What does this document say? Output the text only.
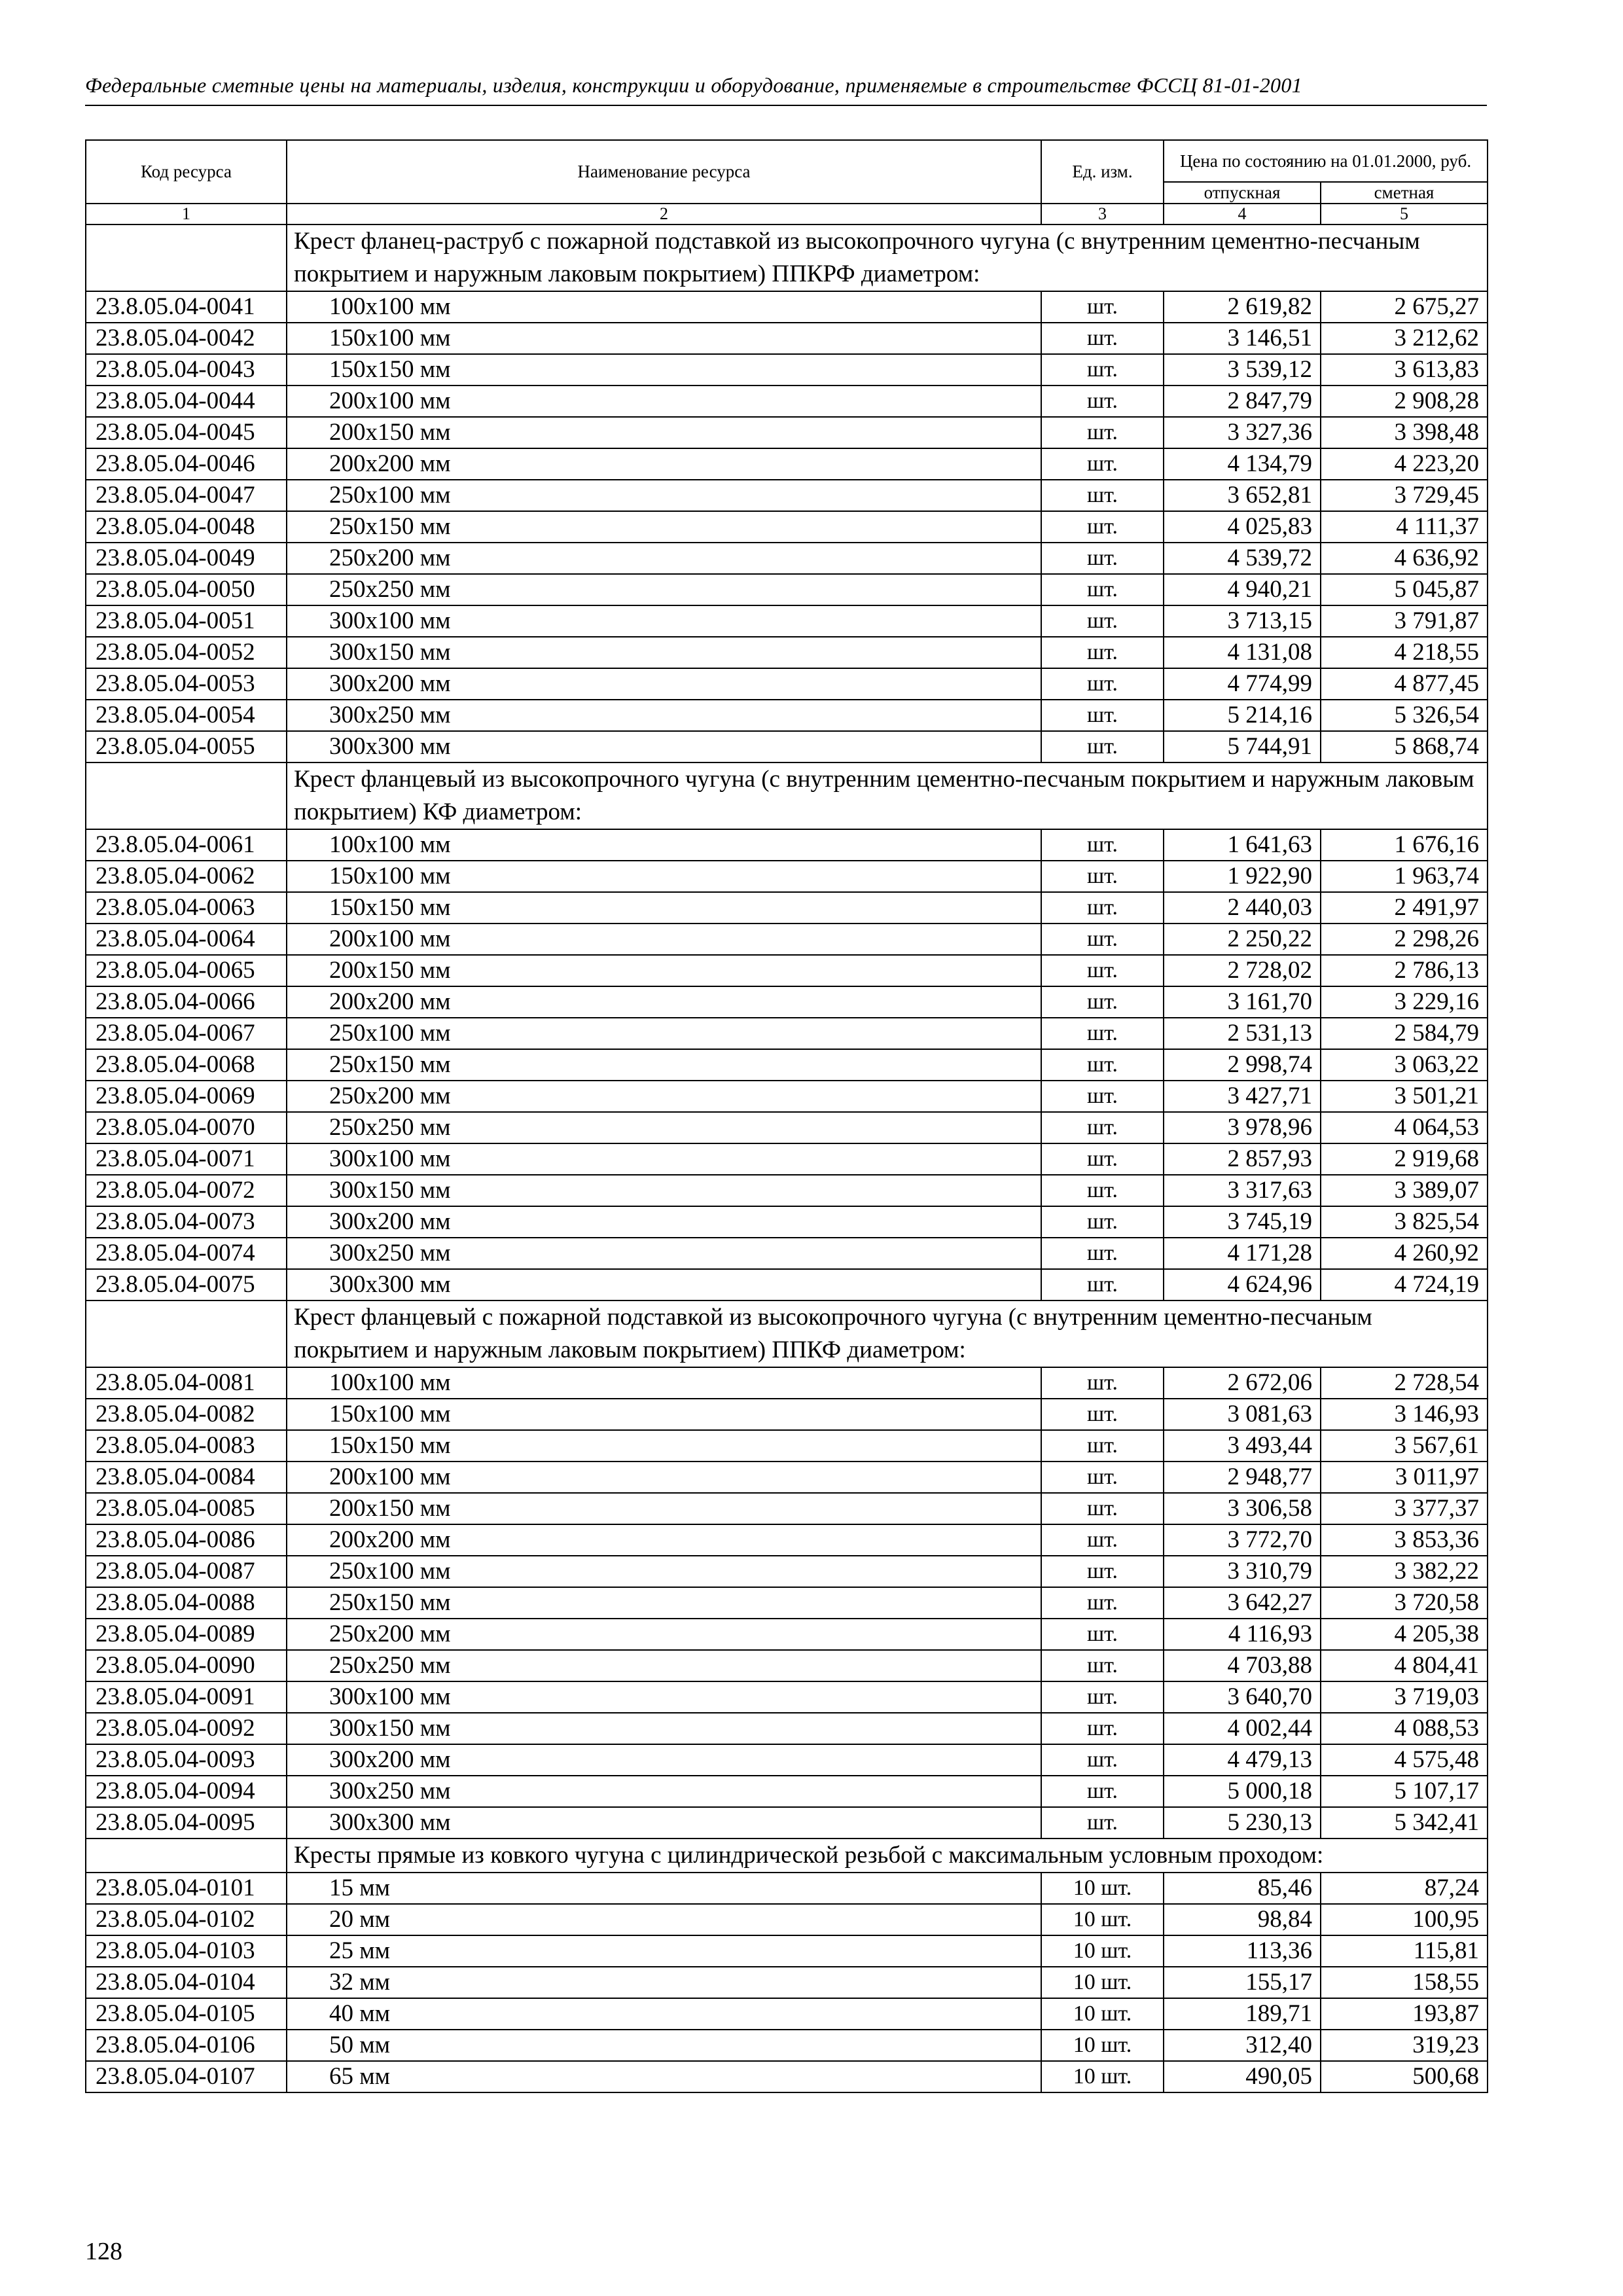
Федеральные сметные цены на материалы, изделия, конструкции и оборудование, применяемые в строительстве ФССЦ 81-01-2001
Код ресурса	Наименование ресурса	Ед. изм.	Цена по состоянию на 01.01.2000, руб.	
			отпускная	сметная
1	2	3	4	5
	Крест фланец-раструб с пожарной подставкой из высокопрочного чугуна (с внутренним цементно-песчаным покрытием и наружным лаковым покрытием) ППКРФ диаметром:			
23.8.05.04-0041	100x100 мм	шт.	2 619,82	2 675,27
23.8.05.04-0042	150x100 мм	шт.	3 146,51	3 212,62
23.8.05.04-0043	150x150 мм	шт.	3 539,12	3 613,83
23.8.05.04-0044	200x100 мм	шт.	2 847,79	2 908,28
23.8.05.04-0045	200x150 мм	шт.	3 327,36	3 398,48
23.8.05.04-0046	200x200 мм	шт.	4 134,79	4 223,20
23.8.05.04-0047	250x100 мм	шт.	3 652,81	3 729,45
23.8.05.04-0048	250x150 мм	шт.	4 025,83	4 111,37
23.8.05.04-0049	250x200 мм	шт.	4 539,72	4 636,92
23.8.05.04-0050	250x250 мм	шт.	4 940,21	5 045,87
23.8.05.04-0051	300x100 мм	шт.	3 713,15	3 791,87
23.8.05.04-0052	300x150 мм	шт.	4 131,08	4 218,55
23.8.05.04-0053	300x200 мм	шт.	4 774,99	4 877,45
23.8.05.04-0054	300x250 мм	шт.	5 214,16	5 326,54
23.8.05.04-0055	300x300 мм	шт.	5 744,91	5 868,74
	Крест фланцевый из высокопрочного чугуна (с внутренним цементно-песчаным покрытием и наружным лаковым покрытием) КФ диаметром:			
23.8.05.04-0061	100x100 мм	шт.	1 641,63	1 676,16
23.8.05.04-0062	150x100 мм	шт.	1 922,90	1 963,74
23.8.05.04-0063	150x150 мм	шт.	2 440,03	2 491,97
23.8.05.04-0064	200x100 мм	шт.	2 250,22	2 298,26
23.8.05.04-0065	200x150 мм	шт.	2 728,02	2 786,13
23.8.05.04-0066	200x200 мм	шт.	3 161,70	3 229,16
23.8.05.04-0067	250x100 мм	шт.	2 531,13	2 584,79
23.8.05.04-0068	250x150 мм	шт.	2 998,74	3 063,22
23.8.05.04-0069	250x200 мм	шт.	3 427,71	3 501,21
23.8.05.04-0070	250x250 мм	шт.	3 978,96	4 064,53
23.8.05.04-0071	300x100 мм	шт.	2 857,93	2 919,68
23.8.05.04-0072	300x150 мм	шт.	3 317,63	3 389,07
23.8.05.04-0073	300x200 мм	шт.	3 745,19	3 825,54
23.8.05.04-0074	300x250 мм	шт.	4 171,28	4 260,92
23.8.05.04-0075	300x300 мм	шт.	4 624,96	4 724,19
	Крест фланцевый с пожарной подставкой из высокопрочного чугуна (с внутренним цементно-песчаным покрытием и наружным лаковым покрытием) ППКФ диаметром:			
23.8.05.04-0081	100x100 мм	шт.	2 672,06	2 728,54
23.8.05.04-0082	150x100 мм	шт.	3 081,63	3 146,93
23.8.05.04-0083	150x150 мм	шт.	3 493,44	3 567,61
23.8.05.04-0084	200x100 мм	шт.	2 948,77	3 011,97
23.8.05.04-0085	200x150 мм	шт.	3 306,58	3 377,37
23.8.05.04-0086	200x200 мм	шт.	3 772,70	3 853,36
23.8.05.04-0087	250x100 мм	шт.	3 310,79	3 382,22
23.8.05.04-0088	250x150 мм	шт.	3 642,27	3 720,58
23.8.05.04-0089	250x200 мм	шт.	4 116,93	4 205,38
23.8.05.04-0090	250x250 мм	шт.	4 703,88	4 804,41
23.8.05.04-0091	300x100 мм	шт.	3 640,70	3 719,03
23.8.05.04-0092	300x150 мм	шт.	4 002,44	4 088,53
23.8.05.04-0093	300x200 мм	шт.	4 479,13	4 575,48
23.8.05.04-0094	300x250 мм	шт.	5 000,18	5 107,17
23.8.05.04-0095	300x300 мм	шт.	5 230,13	5 342,41
	Кресты прямые из ковкого чугуна с цилиндрической резьбой с максимальным условным проходом:			
23.8.05.04-0101	15 мм	10 шт.	85,46	87,24
23.8.05.04-0102	20 мм	10 шт.	98,84	100,95
23.8.05.04-0103	25 мм	10 шт.	113,36	115,81
23.8.05.04-0104	32 мм	10 шт.	155,17	158,55
23.8.05.04-0105	40 мм	10 шт.	189,71	193,87
23.8.05.04-0106	50 мм	10 шт.	312,40	319,23
23.8.05.04-0107	65 мм	10 шт.	490,05	500,68
128
